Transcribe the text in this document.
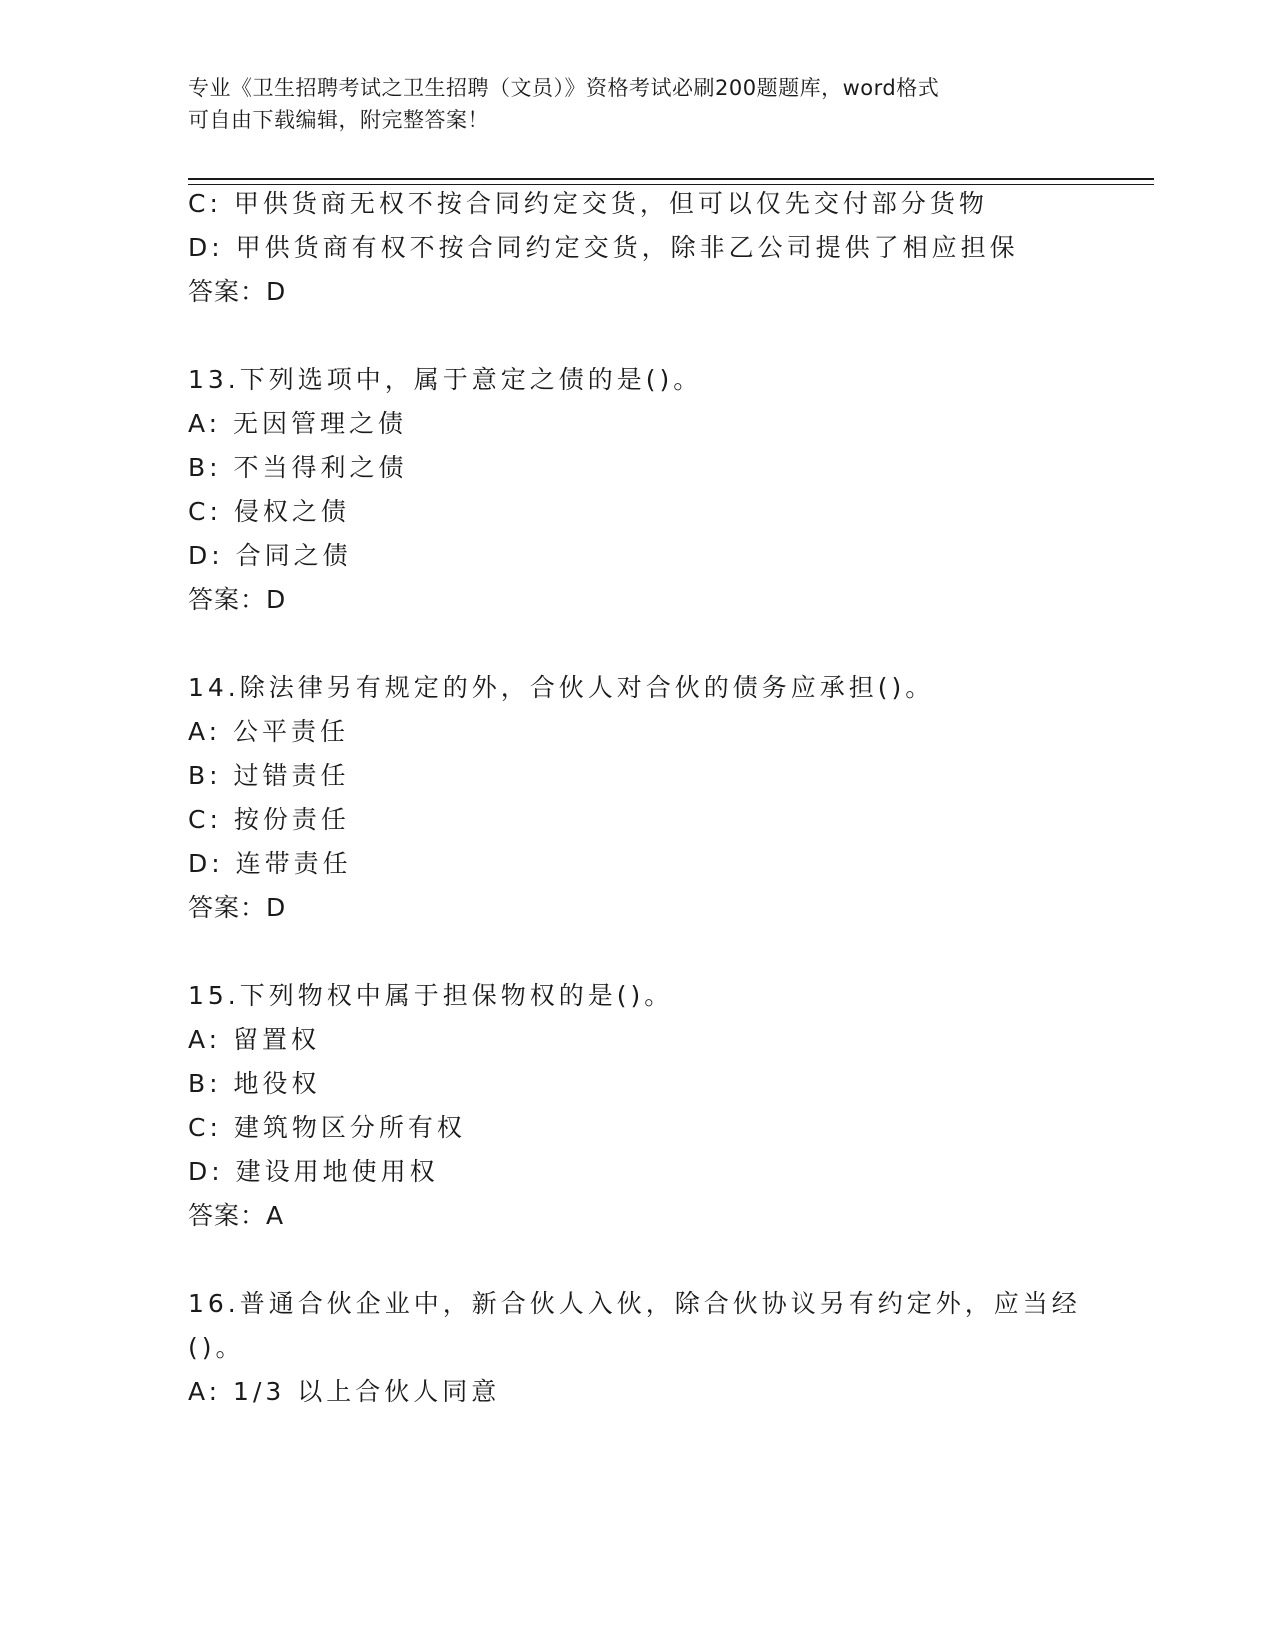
专业《卫生招聘考试之卫生招聘（文员）》资格考试必刷200题题库，word格式
可自由下载编辑，附完整答案！
C: 甲供货商无权不按合同约定交货，但可以仅先交付部分货物
D: 甲供货商有权不按合同约定交货，除非乙公司提供了相应担保
答案：D
13.下列选项中，属于意定之债的是()。
A: 无因管理之债
B: 不当得利之债
C: 侵权之债
D: 合同之债
答案：D
14.除法律另有规定的外，合伙人对合伙的债务应承担()。
A: 公平责任
B: 过错责任
C: 按份责任
D: 连带责任
答案：D
15.下列物权中属于担保物权的是()。
A: 留置权
B: 地役权
C: 建筑物区分所有权
D: 建设用地使用权
答案：A
16.普通合伙企业中，新合伙人入伙，除合伙协议另有约定外，应当经
()。
A: 1/3 以上合伙人同意
